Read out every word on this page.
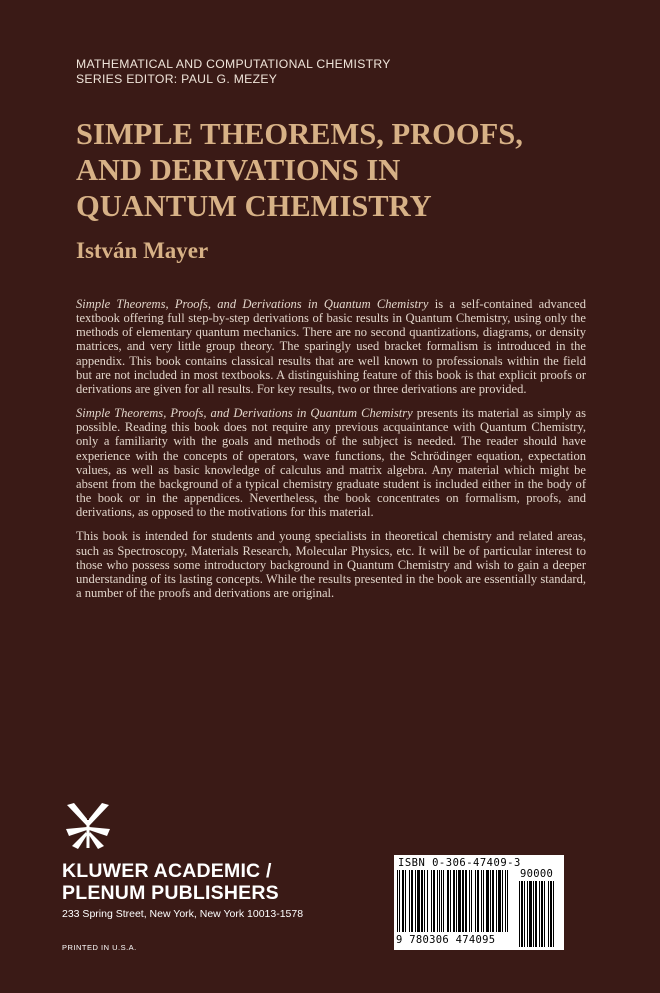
MATHEMATICAL AND COMPUTATIONAL CHEMISTRY
SERIES EDITOR: PAUL G. MEZEY
SIMPLE THEOREMS, PROOFS,
AND DERIVATIONS IN
QUANTUM CHEMISTRY
István Mayer

Simple Theorems, Proofs, and Derivations in Quantum Chemistry is a self-contained advanced textbook offering full step-by-step derivations of basic results in Quantum Chemistry, using only the methods of elementary quantum mechanics. There are no second quantizations, diagrams, or density matrices, and very little group theory. The sparingly used bracket formalism is introduced in the appendix. This book contains classical results that are well known to professionals within the field but are not included in most textbooks. A distinguishing feature of this book is that explicit proofs or derivations are given for all results. For key results, two or three derivations are provided.

Simple Theorems, Proofs, and Derivations in Quantum Chemistry presents its material as simply as possible. Reading this book does not require any previous acquaintance with Quantum Chemistry, only a familiarity with the goals and methods of the subject is needed. The reader should have experience with the concepts of operators, wave functions, the Schrödinger equation, expectation values, as well as basic knowledge of calculus and matrix algebra. Any material which might be absent from the background of a typical chemistry graduate student is included either in the body of the book or in the appendices. Nevertheless, the book concentrates on formalism, proofs, and derivations, as opposed to the motivations for this material.

This book is intended for students and young specialists in theoretical chemistry and related areas, such as Spectroscopy, Materials Research, Molecular Physics, etc. It will be of particular interest to those who possess some introductory background in Quantum Chemistry and wish to gain a deeper understanding of its lasting concepts. While the results presented in the book are essentially standard, a number of the proofs and derivations are original.

KLUWER ACADEMIC /
PLENUM PUBLISHERS
233 Spring Street, New York, New York 10013-1578
PRINTED IN U.S.A.
ISBN 0-306-47409-3
90000
9 780306 474095
